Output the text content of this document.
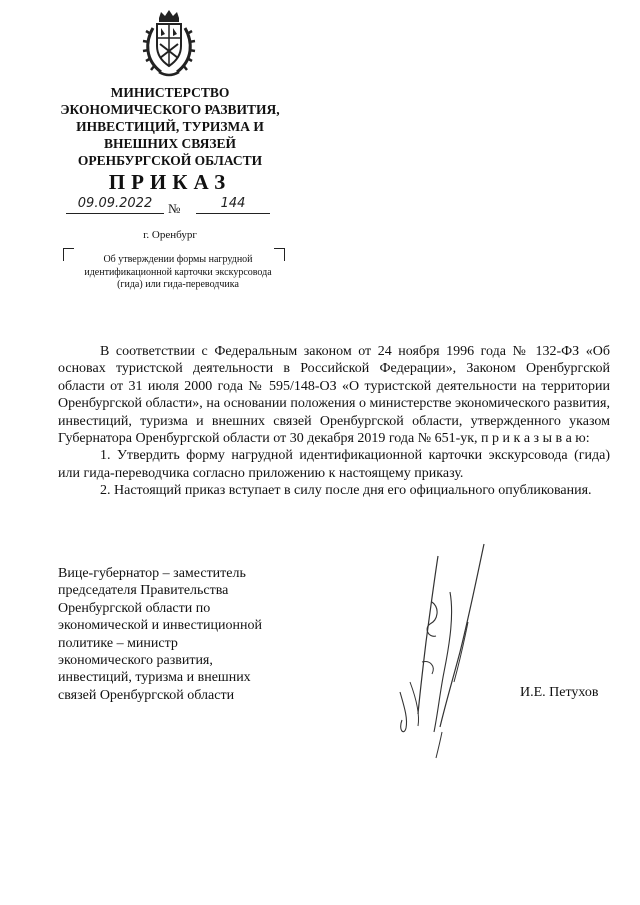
МИНИСТЕРСТВО
ЭКОНОМИЧЕСКОГО РАЗВИТИЯ,
ИНВЕСТИЦИЙ, ТУРИЗМА И
ВНЕШНИХ СВЯЗЕЙ
ОРЕНБУРГСКОЙ ОБЛАСТИ
ПРИКАЗ
09.09.2022	№	144
г. Оренбург
Об утверждении формы нагрудной
идентификационной карточки экскурсовода
(гида) или гида-переводчика

В соответствии с Федеральным законом от 24 ноября 1996 года № 132-ФЗ «Об основах туристской деятельности в Российской Федерации», Законом Оренбургской области от 31 июля 2000 года № 595/148-ОЗ «О туристской деятельности на территории Оренбургской области», на основании положения о министерстве экономического развития, инвестиций, туризма и внешних связей Оренбургской области, утвержденного указом Губернатора Оренбургской области от 30 декабря 2019 года № 651-ук, п р и к а з ы в а ю:

1. Утвердить форму нагрудной идентификационной карточки экскурсовода (гида) или гида-переводчика согласно приложению к настоящему приказу.

2. Настоящий приказ вступает в силу после дня его официального опубликования.

Вице-губернатор – заместитель
председателя Правительства
Оренбургской области по
экономической и инвестиционной
политике – министр
экономического развития,
инвестиций, туризма и внешних
связей Оренбургской области	И.Е. Петухов
